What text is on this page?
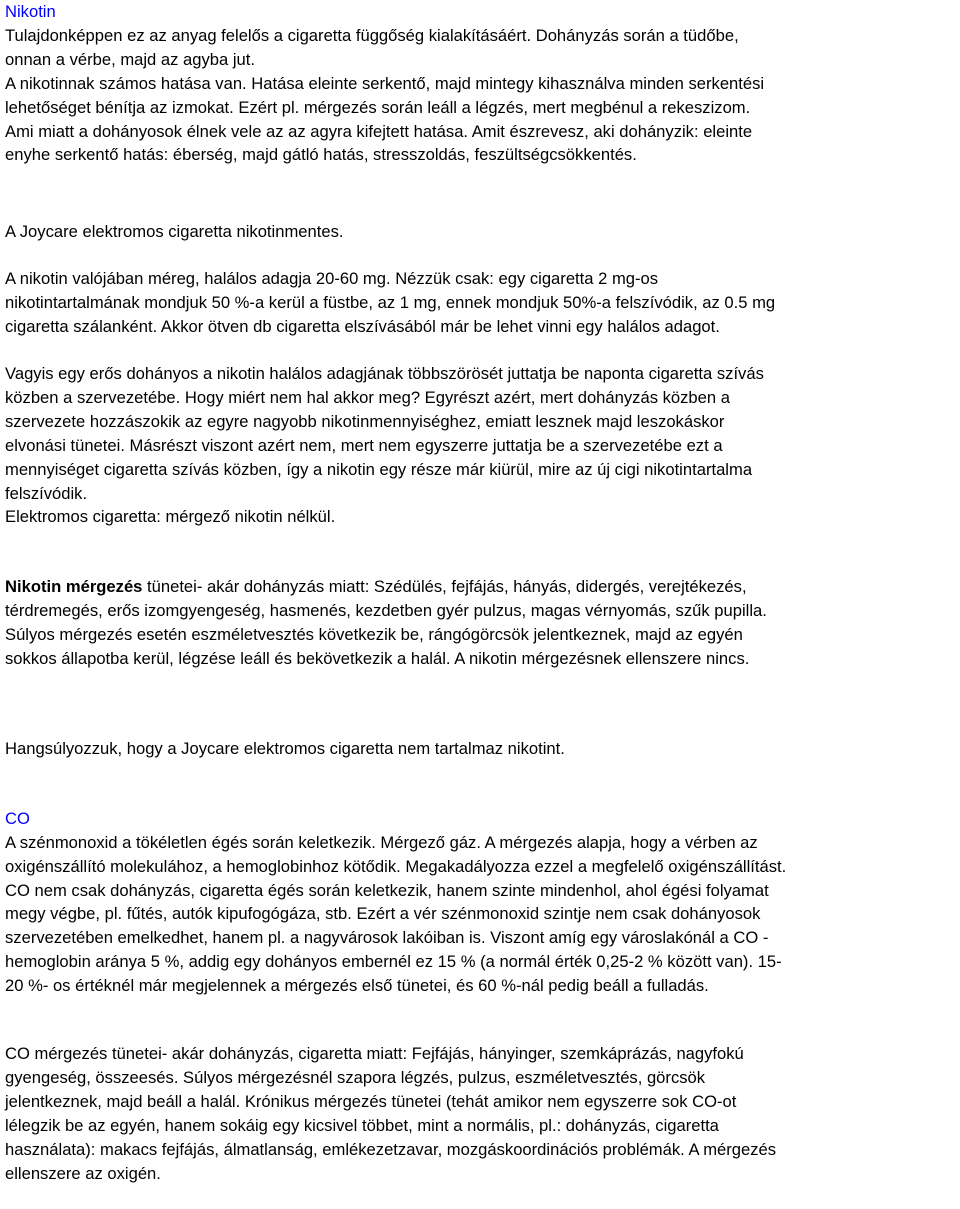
Nikotin
Tulajdonképpen ez az anyag felelős a cigaretta függőség kialakításáért. Dohányzás során a tüdőbe,
onnan a vérbe, majd az agyba jut.
A nikotinnak számos hatása van. Hatása eleinte serkentő, majd mintegy kihasználva minden serkentési
lehetőséget bénítja az izmokat. Ezért pl. mérgezés során leáll a légzés, mert megbénul a rekeszizom.
Ami miatt a dohányosok élnek vele az az agyra kifejtett hatása. Amit észrevesz, aki dohányzik: eleinte
enyhe serkentő hatás: éberség, majd gátló hatás, stresszoldás, feszültségcsökkentés.
A Joycare elektromos cigaretta nikotinmentes.
A nikotin valójában méreg, halálos adagja 20-60 mg. Nézzük csak: egy cigaretta 2 mg-os
nikotintartalmának mondjuk 50 %-a kerül a füstbe, az 1 mg, ennek mondjuk 50%-a felszívódik, az 0.5 mg
cigaretta szálanként. Akkor ötven db cigaretta elszívásából már be lehet vinni egy halálos adagot.
Vagyis egy erős dohányos a nikotin halálos adagjának többszörösét juttatja be naponta cigaretta szívás
közben a szervezetébe. Hogy miért nem hal akkor meg? Egyrészt azért, mert dohányzás közben a
szervezete hozzászokik az egyre nagyobb nikotinmennyiséghez, emiatt lesznek majd leszokáskor
elvonási tünetei. Másrészt viszont azért nem, mert nem egyszerre juttatja be a szervezetébe ezt a
mennyiséget cigaretta szívás közben, így a nikotin egy része már kiürül, mire az új cigi nikotintartalma
felszívódik.
Elektromos cigaretta: mérgező nikotin nélkül.
Nikotin mérgezés tünetei- akár dohányzás miatt: Szédülés, fejfájás, hányás, didergés, verejtékezés,
térdremegés, erős izomgyengeség, hasmenés, kezdetben gyér pulzus, magas vérnyomás, szűk pupilla.
Súlyos mérgezés esetén eszméletvesztés következik be, rángógörcsök jelentkeznek, majd az egyén
sokkos állapotba kerül, légzése leáll és bekövetkezik a halál. A nikotin mérgezésnek ellenszere nincs.
Hangsúlyozzuk, hogy a Joycare elektromos cigaretta nem tartalmaz nikotint.
CO
A szénmonoxid a tökéletlen égés során keletkezik. Mérgező gáz. A mérgezés alapja, hogy a vérben az
oxigénszállító molekulához, a hemoglobinhoz kötődik. Megakadályozza ezzel a megfelelő oxigénszállítást.
CO nem csak dohányzás, cigaretta égés során keletkezik, hanem szinte mindenhol, ahol égési folyamat
megy végbe, pl. fűtés, autók kipufogógáza, stb. Ezért a vér szénmonoxid szintje nem csak dohányosok
szervezetében emelkedhet, hanem pl. a nagyvárosok lakóiban is. Viszont amíg egy városlakónál a CO -
hemoglobin aránya 5 %, addig egy dohányos embernél ez 15 % (a normál érték 0,25-2 % között van). 15-
20 %- os értéknél már megjelennek a mérgezés első tünetei, és 60 %-nál pedig beáll a fulladás.
CO mérgezés tünetei- akár dohányzás, cigaretta miatt: Fejfájás, hányinger, szemkáprázás, nagyfokú
gyengeség, összeesés. Súlyos mérgezésnél szapora légzés, pulzus, eszméletvesztés, görcsök
jelentkeznek, majd beáll a halál. Krónikus mérgezés tünetei (tehát amikor nem egyszerre sok CO-ot
lélegzik be az egyén, hanem sokáig egy kicsivel többet, mint a normális, pl.: dohányzás, cigaretta
használata): makacs fejfájás, álmatlanság, emlékezetzavar, mozgáskoordinációs problémák. A mérgezés
ellenszere az oxigén.
